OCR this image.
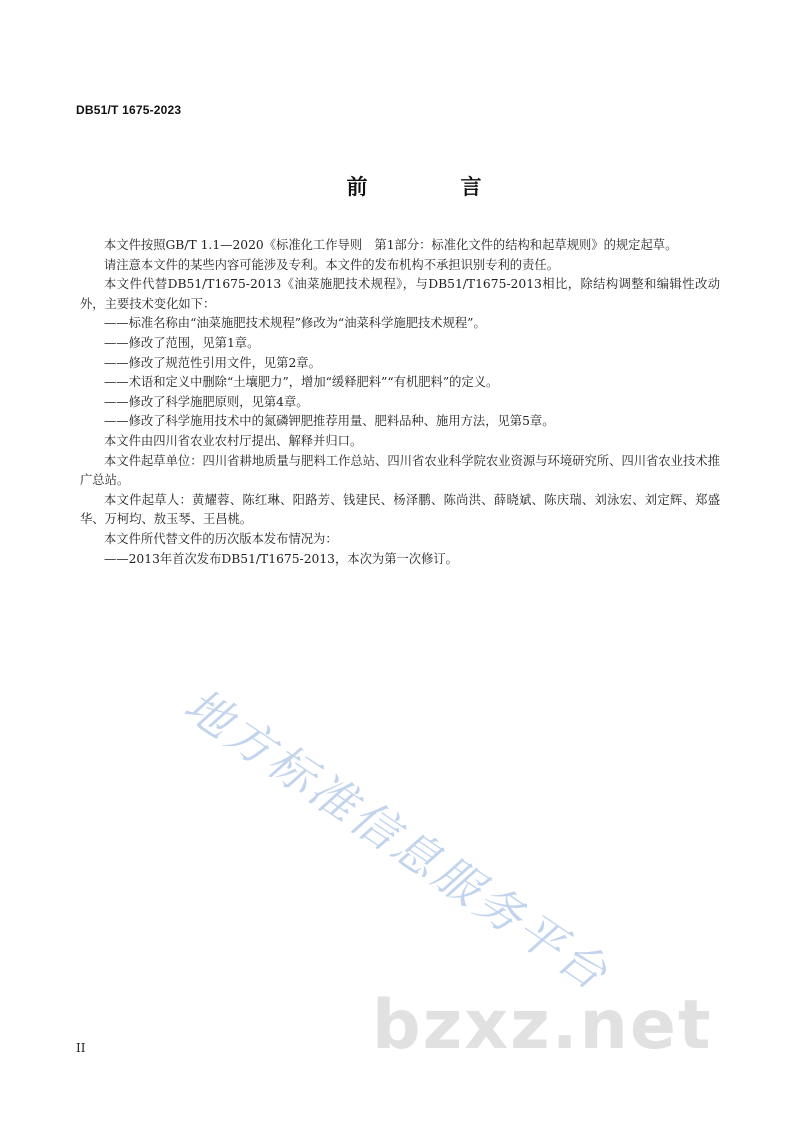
DB51/T 1675-2023
前　言

本文件按照GB/T 1.1—2020《标准化工作导则　第1部分：标准化文件的结构和起草规则》的规定起草。

请注意本文件的某些内容可能涉及专利。本文件的发布机构不承担识别专利的责任。

本文件代替DB51/T1675-2013《油菜施肥技术规程》，与DB51/T1675-2013相比，除结构调整和编辑性改动外，主要技术变化如下：

——标准名称由“油菜施肥技术规程”修改为“油菜科学施肥技术规程”。

——修改了范围，见第1章。

——修改了规范性引用文件，见第2章。

——术语和定义中删除“土壤肥力”，增加“缓释肥料”“有机肥料”的定义。

——修改了科学施肥原则，见第4章。

——修改了科学施用技术中的氮磷钾肥推荐用量、肥料品种、施用方法，见第5章。

本文件由四川省农业农村厅提出、解释并归口。

本文件起草单位：四川省耕地质量与肥料工作总站、四川省农业科学院农业资源与环境研究所、四川省农业技术推广总站。

本文件起草人：黄耀蓉、陈红琳、阳路芳、钱建民、杨泽鹏、陈尚洪、薛晓斌、陈庆瑞、刘泳宏、刘定辉、郑盛华、万柯均、敖玉琴、王昌桃。

本文件所代替文件的历次版本发布情况为：

——2013年首次发布DB51/T1675-2013，本次为第一次修订。

地方标准信息服务平台
bzxz.net
II
